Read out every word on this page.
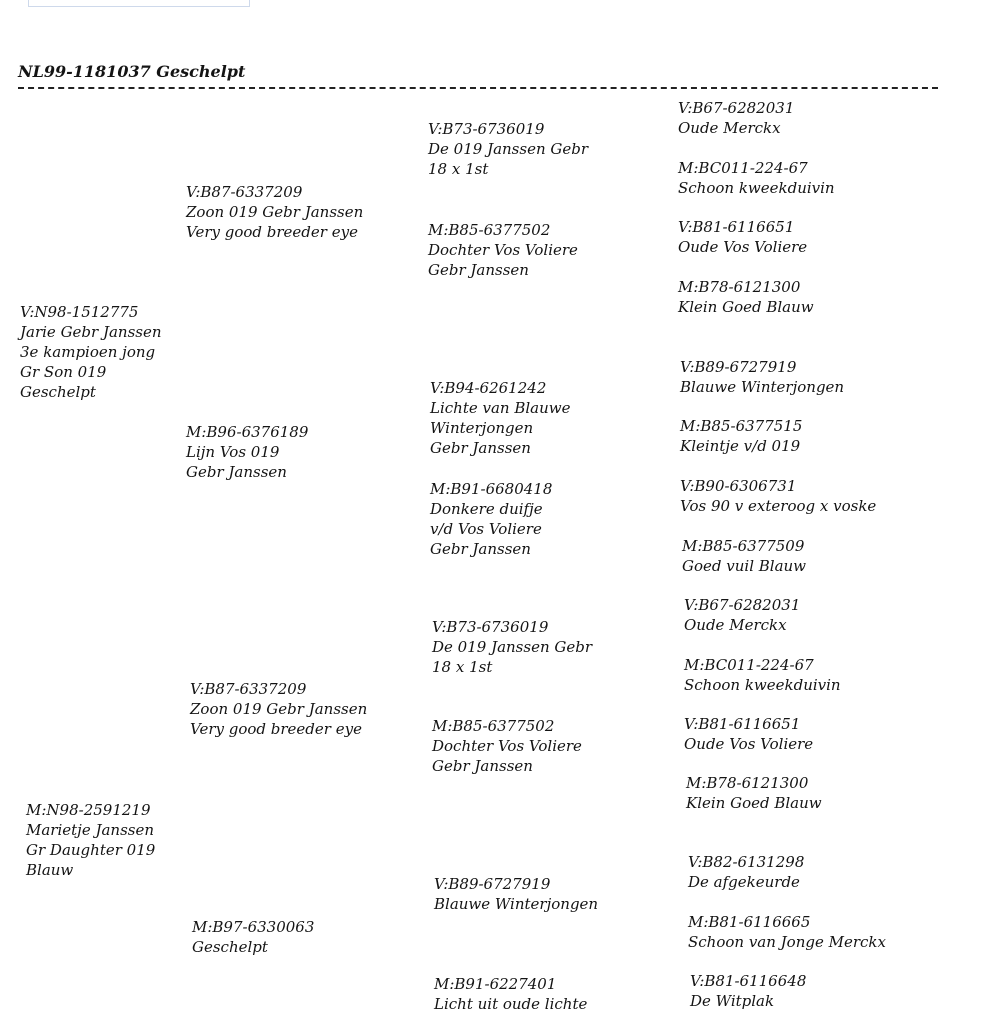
NL99-1181037 Geschelpt
V:N98-1512775
Jarie Gebr Janssen
3e kampioen jong
Gr Son 019
Geschelpt
M:N98-2591219
Marietje Janssen
Gr Daughter 019
Blauw
V:B87-6337209
Zoon 019 Gebr Janssen
Very good breeder eye
M:B96-6376189
Lijn Vos 019
Gebr Janssen
V:B87-6337209
Zoon 019 Gebr Janssen
Very good breeder eye
M:B97-6330063
Geschelpt
V:B73-6736019
De 019 Janssen Gebr
18 x 1st
M:B85-6377502
Dochter Vos Voliere
Gebr Janssen
V:B94-6261242
Lichte van Blauwe
Winterjongen
Gebr Janssen
M:B91-6680418
Donkere duifje
v/d Vos Voliere
Gebr Janssen
V:B73-6736019
De 019 Janssen Gebr
18 x 1st
M:B85-6377502
Dochter Vos Voliere
Gebr Janssen
V:B89-6727919
Blauwe Winterjongen
M:B91-6227401
Licht uit oude lichte
V:B67-6282031
Oude Merckx
M:BC011-224-67
Schoon kweekduivin
V:B81-6116651
Oude Vos Voliere
M:B78-6121300
Klein Goed Blauw
V:B89-6727919
Blauwe Winterjongen
M:B85-6377515
Kleintje v/d 019
V:B90-6306731
Vos 90 v exteroog x voske
M:B85-6377509
Goed vuil Blauw
V:B67-6282031
Oude Merckx
M:BC011-224-67
Schoon kweekduivin
V:B81-6116651
Oude Vos Voliere
M:B78-6121300
Klein Goed Blauw
V:B82-6131298
De afgekeurde
M:B81-6116665
Schoon van Jonge Merckx
V:B81-6116648
De Witplak
